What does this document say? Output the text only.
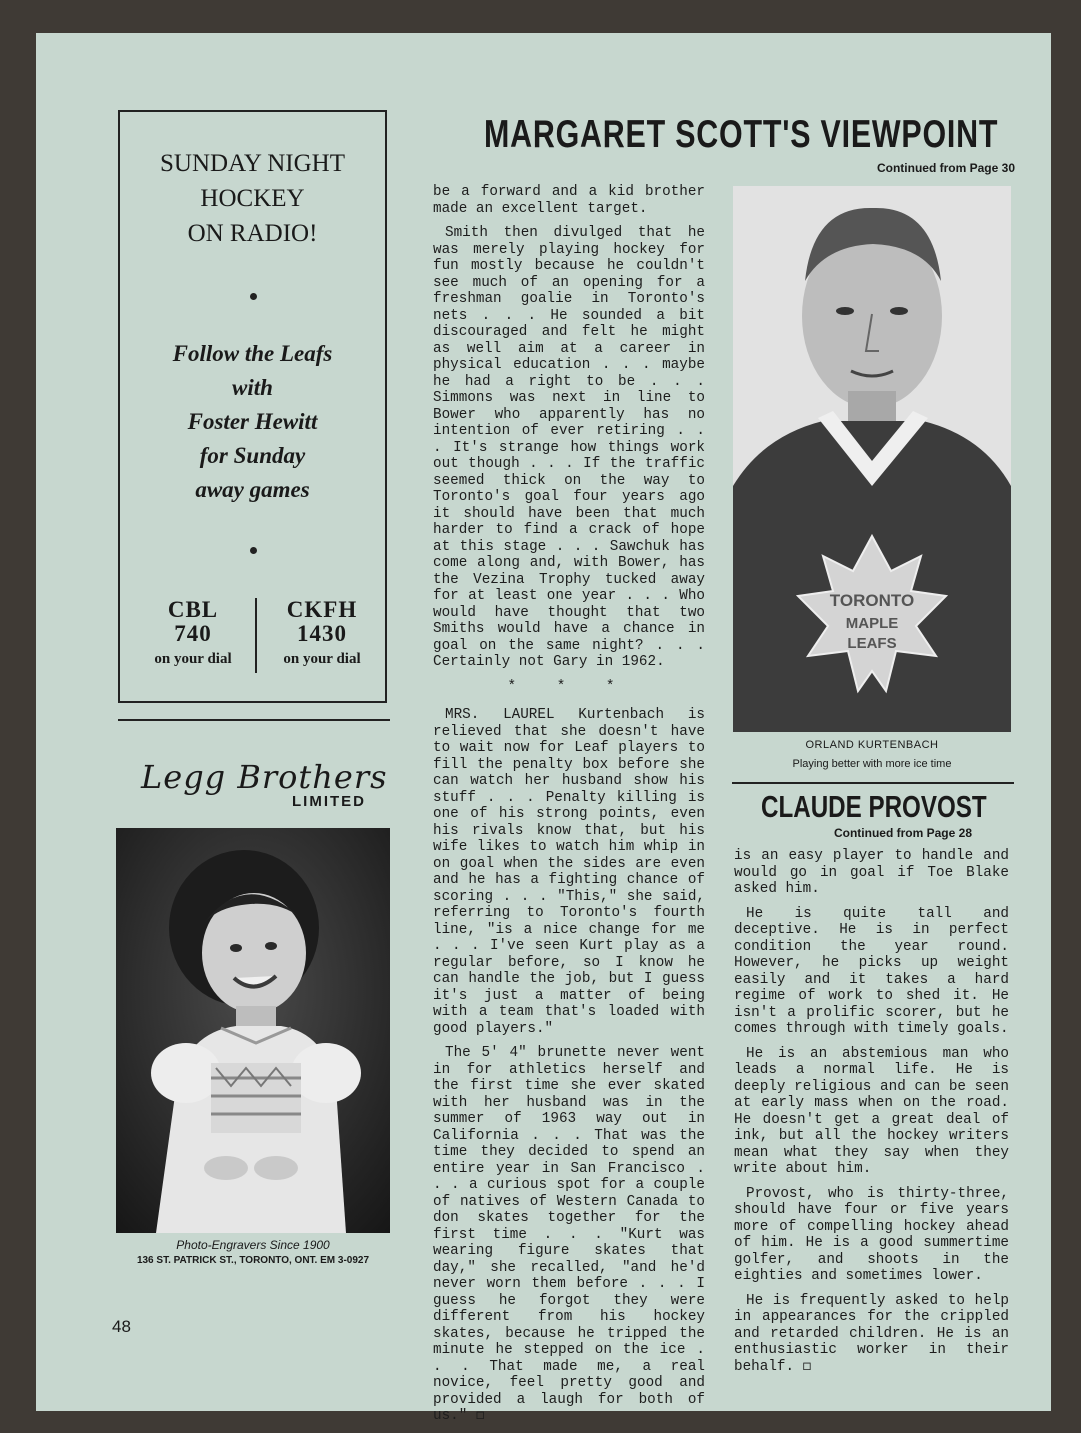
SUNDAY NIGHT
HOCKEY
ON RADIO!
Follow the Leafs
with
Foster Hewitt
for Sunday
away games
CBL
740
on your dial
CKFH
1430
on your dial
Legg Brothers
LIMITED
Photo-Engravers Since 1900
136 ST. PATRICK ST., TORONTO, ONT. EM 3-0927
48
MARGARET SCOTT'S VIEWPOINT
Continued from Page 30

be a forward and a kid brother made an excellent target.

Smith then divulged that he was merely playing hockey for fun mostly because he couldn't see much of an opening for a freshman goalie in Toronto's nets . . . He sounded a bit discouraged and felt he might as well aim at a career in physical education . . . maybe he had a right to be . . . Simmons was next in line to Bower who apparently has no intention of ever retiring . . . It's strange how things work out though . . . If the traffic seemed thick on the way to Toronto's goal four years ago it should have been that much harder to find a crack of hope at this stage . . . Sawchuk has come along and, with Bower, has the Vezina Trophy tucked away for at least one year . . . Who would have thought that two Smiths would have a chance in goal on the same night? . . . Certainly not Gary in 1962.

* * *

MRS. LAUREL Kurtenbach is relieved that she doesn't have to wait now for Leaf players to fill the penalty box before she can watch her husband show his stuff . . . Penalty killing is one of his strong points, even his rivals know that, but his wife likes to watch him whip in on goal when the sides are even and he has a fighting chance of scoring . . . "This," she said, referring to Toronto's fourth line, "is a nice change for me . . . I've seen Kurt play as a regular before, so I know he can handle the job, but I guess it's just a matter of being with a team that's loaded with good players."

The 5' 4" brunette never went in for athletics herself and the first time she ever skated with her husband was in the summer of 1963 way out in California . . . That was the time they decided to spend an entire year in San Francisco . . . a curious spot for a couple of natives of Western Canada to don skates together for the first time . . . "Kurt was wearing figure skates that day," she recalled, "and he'd never worn them before . . . I guess he forgot they were different from his hockey skates, because he tripped the minute he stepped on the ice . . . That made me, a real novice, feel pretty good and provided a laugh for both of us." ◻

TORONTO
MAPLE
LEAFS
ORLAND KURTENBACH
Playing better with more ice time
CLAUDE PROVOST
Continued from Page 28

is an easy player to handle and would go in goal if Toe Blake asked him.

He is quite tall and deceptive. He is in perfect condition the year round. However, he picks up weight easily and it takes a hard regime of work to shed it. He isn't a prolific scorer, but he comes through with timely goals.

He is an abstemious man who leads a normal life. He is deeply religious and can be seen at early mass when on the road. He doesn't get a great deal of ink, but all the hockey writers mean what they say when they write about him.

Provost, who is thirty-three, should have four or five years more of compelling hockey ahead of him. He is a good summertime golfer, and shoots in the eighties and sometimes lower.

He is frequently asked to help in appearances for the crippled and retarded children. He is an enthusiastic worker in their behalf. ◻
